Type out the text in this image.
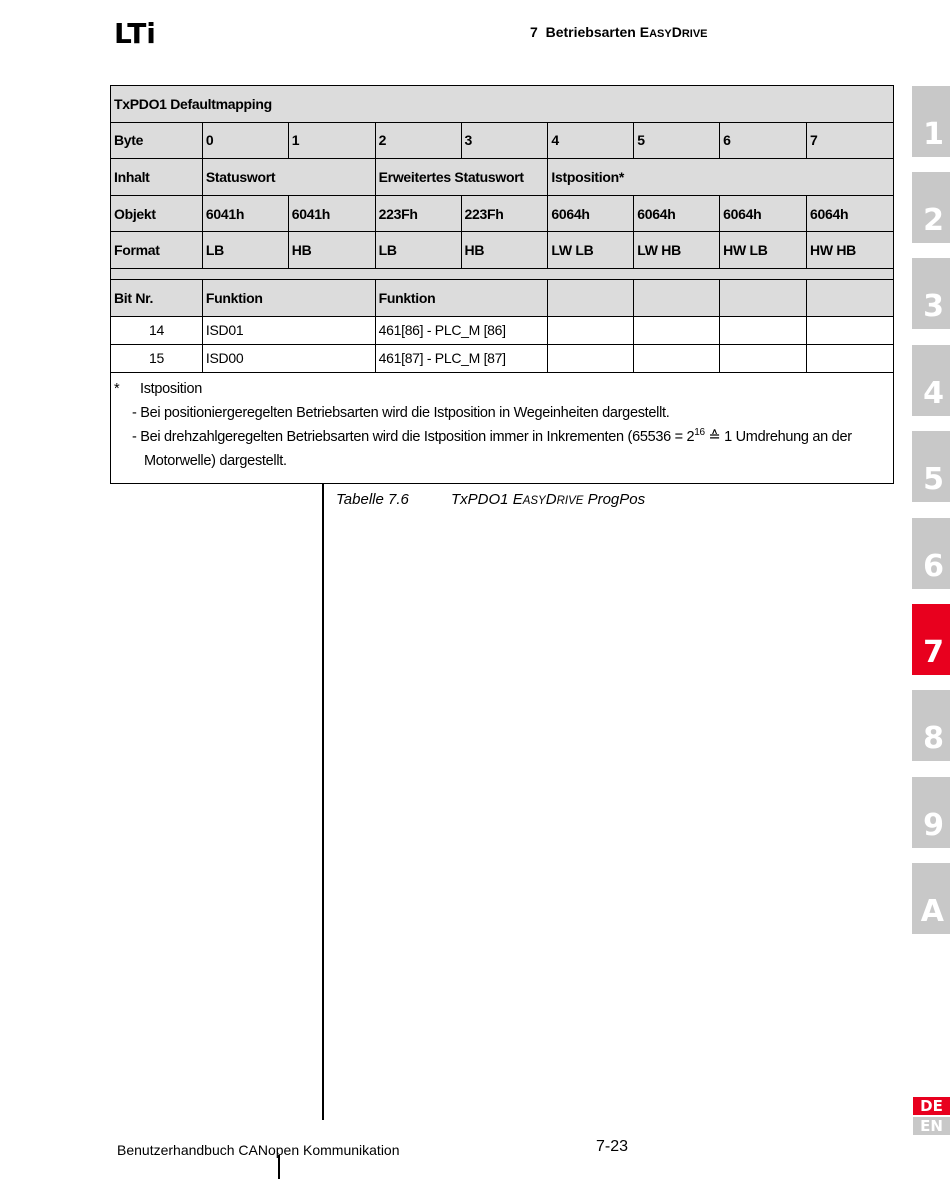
LTi	7 Betriebsarten EASYDRIVE
TxPDO1 Defaultmapping								
Byte	0	1	2	3	4	5	6	7
Inhalt	Statuswort		Erweitertes Statuswort		Istposition*			
Objekt	6041h	6041h	223Fh	223Fh	6064h	6064h	6064h	6064h
Format	LB	HB	LB	HB	LW LB	LW HB	HW LB	HW HB

Bit Nr.	Funktion		Funktion					
14	ISD01		461[86] - PLC_M [86]					
15	ISD00		461[87] - PLC_M [87]					

* Istposition
- Bei positioniergeregelten Betriebsarten wird die Istposition in Wegeinheiten dargestellt.
- Bei drehzahlgeregelten Betriebsarten wird die Istposition immer in Inkrementen ($65536 = 2^{16}$ ≙ 1 Umdrehung an der
Motorwelle) dargestellt.								
Tabelle 7.6	TxPDO1 EASYDRIVE ProgPos
Benutzerhandbuch CANopen Kommunikation	7-23
1
2
3
4
5
6
7
8
9
A
DE
EN
